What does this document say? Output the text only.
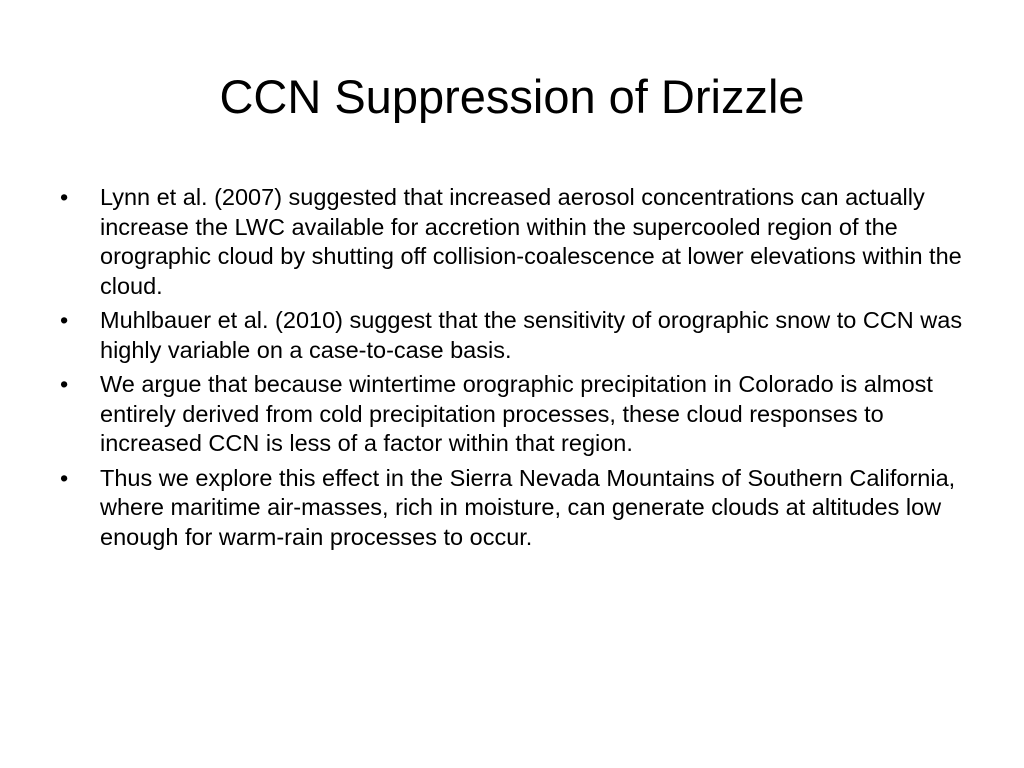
CCN Suppression of Drizzle
•	Lynn et al. (2007) suggested that increased aerosol concentrations can actually increase the LWC available for accretion within the supercooled region of the orographic cloud by shutting off collision-coalescence at lower elevations within the cloud.
•	Muhlbauer et al. (2010) suggest that the sensitivity of orographic snow to CCN was highly variable on a case-to-case basis.
•	We argue that because wintertime orographic precipitation in Colorado is almost entirely derived from cold precipitation processes, these cloud responses to increased CCN is less of a factor within that region.
•	Thus we explore this effect in the Sierra Nevada Mountains of Southern California, where maritime air-masses, rich in moisture, can generate clouds at altitudes low enough for warm-rain processes to occur.
